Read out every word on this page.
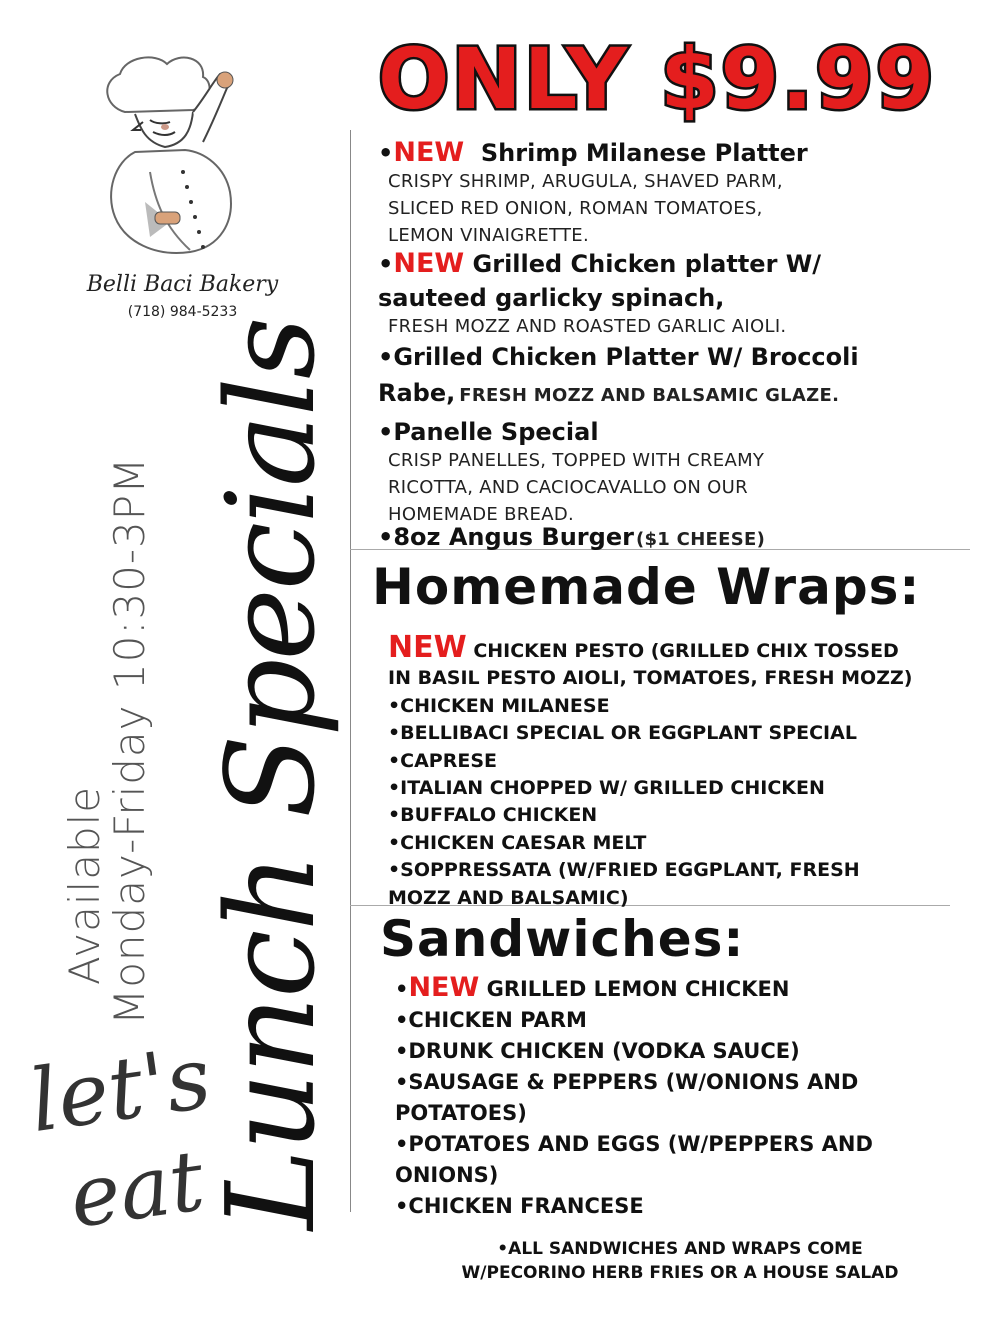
Belli Baci Bakery
(718) 984-5233
Available
Monday-Friday 10:30-3PM Lunch Specials
let's
eat
ONLY $9.99
•NEW Shrimp Milanese Platter
CRISPY SHRIMP, ARUGULA, SHAVED PARM,
SLICED RED ONION, ROMAN TOMATOES,
LEMON VINAIGRETTE.
•NEW Grilled Chicken platter W/
sauteed garlicky spinach,
FRESH MOZZ AND ROASTED GARLIC AIOLI.
•Grilled Chicken Platter W/ Broccoli
Rabe, FRESH MOZZ AND BALSAMIC GLAZE.
•Panelle Special
CRISP PANELLES, TOPPED WITH CREAMY
RICOTTA, AND CACIOCAVALLO ON OUR
HOMEMADE BREAD.
•8oz Angus Burger ($1 CHEESE)
Homemade Wraps:
NEW CHICKEN PESTO (GRILLED CHIX TOSSED
IN BASIL PESTO AIOLI, TOMATOES, FRESH MOZZ)
•CHICKEN MILANESE
•BELLIBACI SPECIAL OR EGGPLANT SPECIAL
•CAPRESE
•ITALIAN CHOPPED W/ GRILLED CHICKEN
•BUFFALO CHICKEN
•CHICKEN CAESAR MELT
•SOPPRESSATA (W/FRIED EGGPLANT, FRESH
MOZZ AND BALSAMIC)
Sandwiches:
•NEW GRILLED LEMON CHICKEN
•CHICKEN PARM
•DRUNK CHICKEN (VODKA SAUCE)
•SAUSAGE & PEPPERS (W/ONIONS AND
POTATOES)
•POTATOES AND EGGS (W/PEPPERS AND
ONIONS)
•CHICKEN FRANCESE
•ALL SANDWICHES AND WRAPS COME
W/PECORINO HERB FRIES OR A HOUSE SALAD
